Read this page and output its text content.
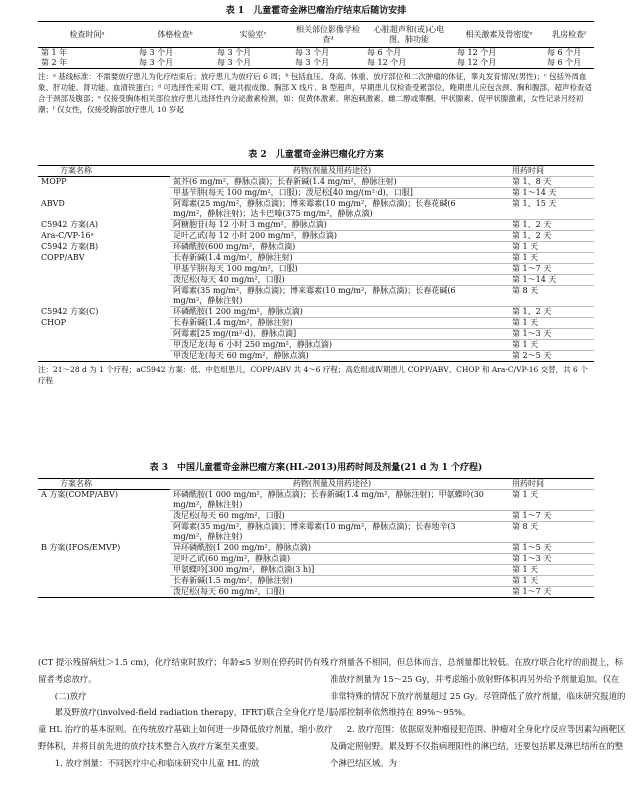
表 1　儿童霍奇金淋巴瘤治疗结束后随访安排

检查时间ᵃ	体格检查ᵇ	实验室ᶜ	相关部位影像学检查ᵈ	心脏超声和(或)心电图、肺功能	相关激素及骨密度ᵉ	乳房检查ᶠ
第 1 年	每 3 个月	每 3 个月	每 3 个月	每 6 个月	每 12 个月	每 6 个月
第 2 年	每 3 个月	每 3 个月	每 3 个月	每 12 个月	每 12 个月	每 6 个月

注：ᵃ 基线标准：不需要放疗患儿为化疗结束后；放疗患儿为放疗后 6 周；ᵇ 包括血压、身高、体重、放疗部位和二次肿瘤的体征，睾丸发育情况(男性)；ᶜ 包括外周血象、肝功能、肾功能、血清铁蛋白；ᵈ 可选择性采用 CT、磁共振成像、胸部 X 线片、B 型超声，早期患儿仅检查受累部位，晚期患儿应包含颈、胸和腹部，超声检查适合于颈部及腹部；ᵉ 仅接受胸体相关部位放疗患儿选择性内分泌激素检测，如：促黄体激素、卵泡刺激素、雌二醇或睾酮、甲状腺素、促甲状腺激素，女性记录月经初潮；ᶠ 仅女性，仅接受胸部放疗患儿 10 岁起

表 2　儿童霍奇金淋巴瘤化疗方案

方案名称	药物(剂量及用药途径)	用药时间
MOPP	氮芥(6 mg/m²，静脉点滴)；长春新碱(1.4 mg/m²，静脉注射)	第 1、8 天
	甲基苄肼(每天 100 mg/m²，口服)；泼尼松[40 mg/(m²·d)，口服]	第 1～14 天
ABVD	阿霉素(25 mg/m²，静脉点滴)；博来霉素(10 mg/m²，静脉点滴)；长春花碱(6 mg/m²，静脉注射)；达卡巴嗪(375 mg/m²，静脉点滴)	第 1、15 天
C5942 方案(A)	阿糖胞苷(每 12 小时 3 mg/m²，静脉点滴)	第 1、2 天
Ara-C/VP-16ᵃ	足叶乙甙(每 12 小时 200 mg/m²，静脉点滴)	第 1、2 天
C5942 方案(B)	环磷酰胺(600 mg/m²，静脉点滴)	第 1 天
COPP/ABV	长春新碱(1.4 mg/m²，静脉注射)	第 1 天
	甲基苄肼(每天 100 mg/m²，口服)	第 1～7 天
	泼尼松(每天 40 mg/m²，口服)	第 1～14 天
	阿霉素(35 mg/m²，静脉点滴)；博来霉素(10 mg/m²，静脉点滴)；长春花碱(6 mg/m²，静脉注射)	第 8 天
C5942 方案(C)	环磷酰胺(1 200 mg/m²，静脉点滴)	第 1、2 天
CHOP	长春新碱(1.4 mg/m²，静脉注射)	第 1 天
	阿霉素[25 mg/(m²·d)，静脉点滴]	第 1～3 天
	甲泼尼龙(每 6 小时 250 mg/m²，静脉点滴)	第 1 天
	甲泼尼龙(每天 60 mg/m²，静脉点滴)	第 2～5 天

注：21～28 d 为 1 个疗程；aC5942 方案：低、中危组患儿，COPP/ABV 共 4～6 疗程；高危组或Ⅳ期患儿 COPP/ABV、CHOP 和 Ara-C/VP-16 交替，共 6 个疗程

表 3　中国儿童霍奇金淋巴瘤方案(HL-2013)用药时间及剂量(21 d 为 1 个疗程)

方案名称	药物(剂量及用药途径)	用药时间
A 方案(COMP/ABV)	环磷酰胺(1 000 mg/m²，静脉点滴)；长春新碱(1.4 mg/m²，静脉注射)；甲氨蝶呤(30 mg/m²，静脉注射)	第 1 天
	泼尼松(每天 60 mg/m²，口服)	第 1～7 天
	阿霉素(35 mg/m²，静脉点滴)；博来霉素(10 mg/m²，静脉点滴)；长春地辛(3 mg/m²，静脉注射)	第 8 天
B 方案(IFOS/EMVP)	异环磷酰胺(1 200 mg/m²，静脉点滴)	第 1～5 天
	足叶乙甙(60 mg/m²，静脉点滴)	第 1～3 天
	甲氨蝶呤[300 mg/m²，静脉点滴(3 h)]	第 1 天
	长春新碱(1.5 mg/m²，静脉注射)	第 1 天
	泼尼松(每天 60 mg/m²，口服)	第 1～7 天

(CT 提示残留病灶＞1.5 cm)，化疗结束时放疗；年龄≤5 岁则在停药时仍有残留者考虑放疗。

(二)放疗

累及野放疗(involved-field radiation therapy，IFRT)联合全身化疗是儿童 HL 治疗的基本原则。在传统放疗基础上如何进一步降低放疗剂量，缩小放疗野体积，并将目前先进的放疗技术整合入放疗方案至关重要。

1. 放疗剂量：不同医疗中心和临床研究中儿童 HL 的放

疗剂量各不相同，但总体而言，总剂量都比较低。在放疗联合化疗的前提上，标准放疗剂量为 15～25 Gy，并考虑缩小放射野体积再另外给予剂量追加。仅在非常特殊的情况下放疗剂量超过 25 Gy。尽管降低了放疗剂量，临床研究报道的局部控制率依然维持在 89%～95%。

2. 放疗范围：依据原发肿瘤侵犯范围、肿瘤对全身化疗反应等因素勾画靶区及确定照射野。累及野不仅指病理阳性的淋巴结，还要包括累及淋巴结所在的整个淋巴结区域。为
